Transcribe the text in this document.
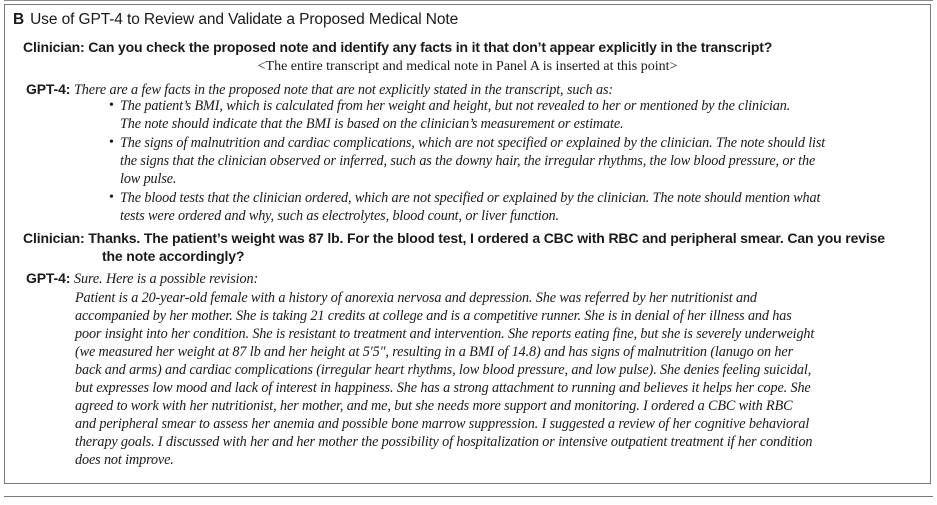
B Use of GPT-4 to Review and Validate a Proposed Medical Note
Clinician: Can you check the proposed note and identify any facts in it that don’t appear explicitly in the transcript?
<The entire transcript and medical note in Panel A is inserted at this point>
GPT-4: There are a few facts in the proposed note that are not explicitly stated in the transcript, such as:
• The patient’s BMI, which is calculated from her weight and height, but not revealed to her or mentioned by the clinician.
The note should indicate that the BMI is based on the clinician’s measurement or estimate.
• The signs of malnutrition and cardiac complications, which are not specified or explained by the clinician. The note should list
the signs that the clinician observed or inferred, such as the downy hair, the irregular rhythms, the low blood pressure, or the
low pulse.
• The blood tests that the clinician ordered, which are not specified or explained by the clinician. The note should mention what
tests were ordered and why, such as electrolytes, blood count, or liver function.
Clinician: Thanks. The patient’s weight was 87 lb. For the blood test, I ordered a CBC with RBC and peripheral smear. Can you revise
the note accordingly?
GPT-4: Sure. Here is a possible revision:
Patient is a 20-year-old female with a history of anorexia nervosa and depression. She was referred by her nutritionist and
accompanied by her mother. She is taking 21 credits at college and is a competitive runner. She is in denial of her illness and has
poor insight into her condition. She is resistant to treatment and intervention. She reports eating fine, but she is severely underweight
(we measured her weight at 87 lb and her height at 5′5″, resulting in a BMI of 14.8) and has signs of malnutrition (lanugo on her
back and arms) and cardiac complications (irregular heart rhythms, low blood pressure, and low pulse). She denies feeling suicidal,
but expresses low mood and lack of interest in happiness. She has a strong attachment to running and believes it helps her cope. She
agreed to work with her nutritionist, her mother, and me, but she needs more support and monitoring. I ordered a CBC with RBC
and peripheral smear to assess her anemia and possible bone marrow suppression. I suggested a review of her cognitive behavioral
therapy goals. I discussed with her and her mother the possibility of hospitalization or intensive outpatient treatment if her condition
does not improve.
